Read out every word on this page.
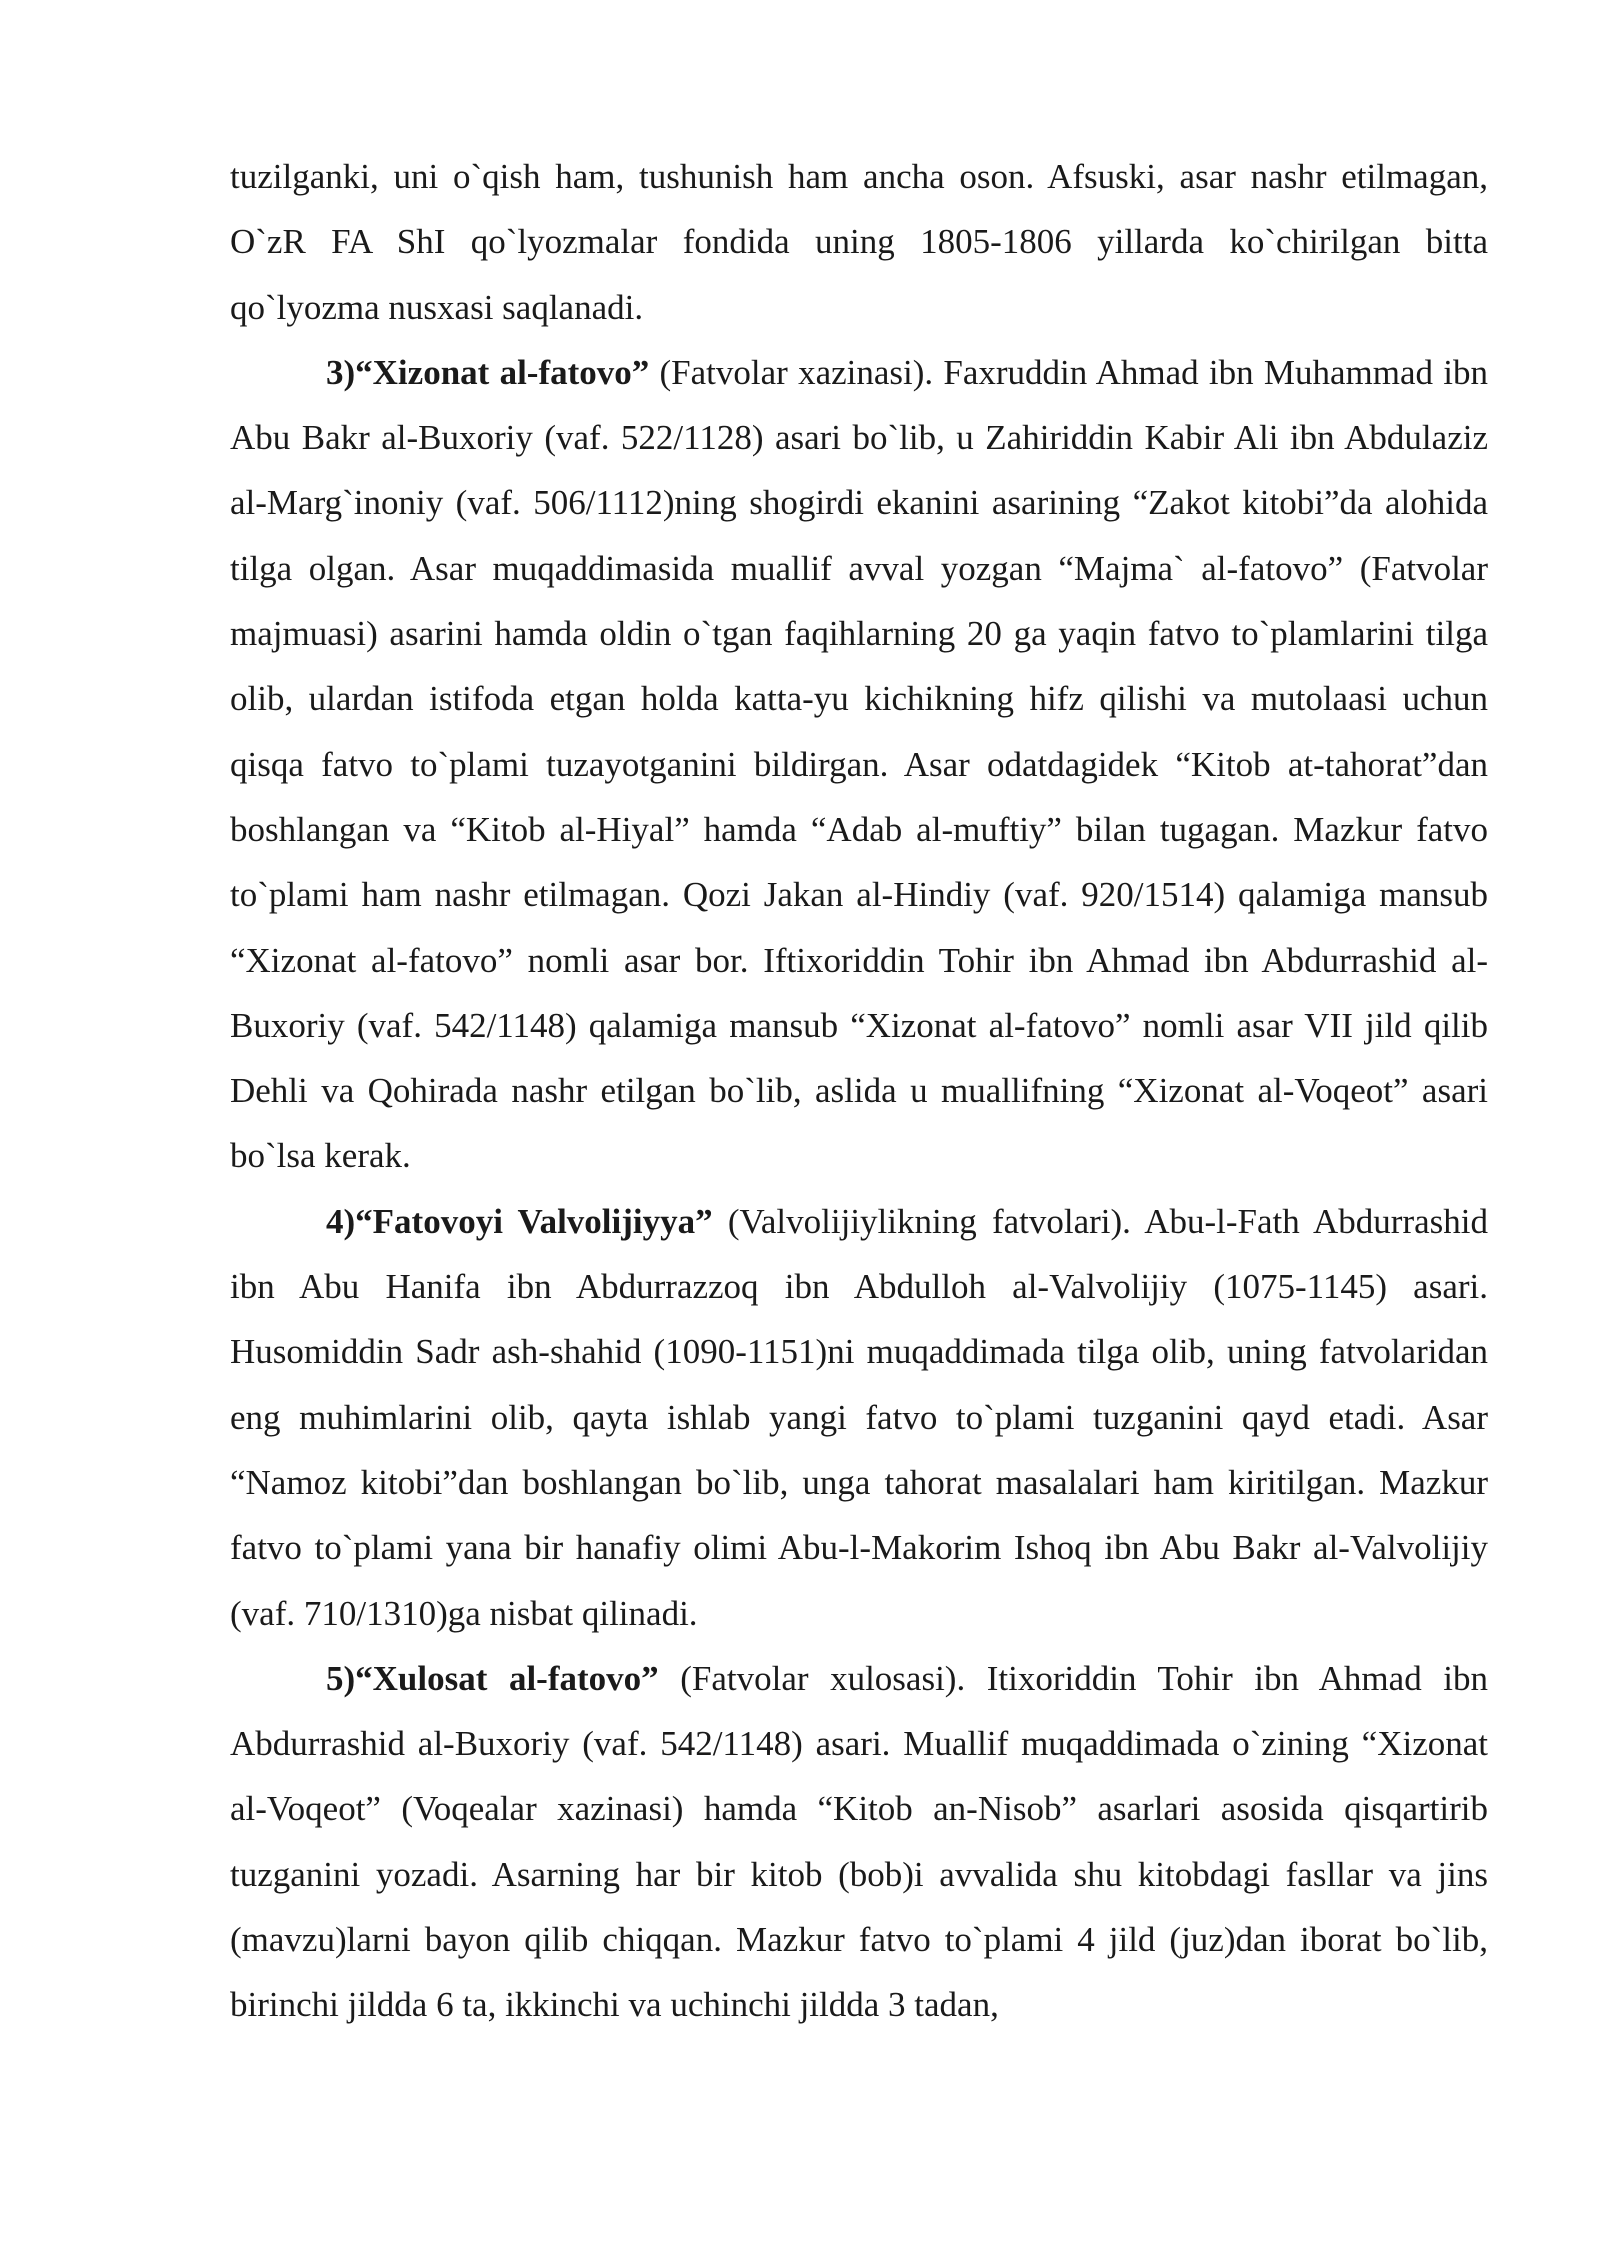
tuzilganki, uni o`qish ham, tushunish ham ancha oson. Afsuski, asar nashr etilmagan, O`zR FA ShI qo`lyozmalar fondida uning 1805-1806 yillarda ko`chirilgan bitta qo`lyozma nusxasi saqlanadi.

3)“Xizonat al-fatovo” (Fatvolar xazinasi). Faxruddin Ahmad ibn Muhammad ibn Abu Bakr al-Buxoriy (vaf. 522/1128) asari bo`lib, u Zahiriddin Kabir Ali ibn Abdulaziz al-Marg`inoniy (vaf. 506/1112)ning shogirdi ekanini asarining “Zakot kitobi”da alohida tilga olgan. Asar muqaddimasida muallif avval yozgan “Majma` al-fatovo” (Fatvolar majmuasi) asarini hamda oldin o`tgan faqihlarning 20 ga yaqin fatvo to`plamlarini tilga olib, ulardan istifoda etgan holda katta-yu kichikning hifz qilishi va mutolaasi uchun qisqa fatvo to`plami tuzayotganini bildirgan. Asar odatdagidek “Kitob at-tahorat”dan boshlangan va “Kitob al-Hiyal” hamda “Adab al-muftiy” bilan tugagan. Mazkur fatvo to`plami ham nashr etilmagan. Qozi Jakan al-Hindiy (vaf. 920/1514) qalamiga mansub “Xizonat al-fatovo” nomli asar bor. Iftixoriddin Tohir ibn Ahmad ibn Abdurrashid al-Buxoriy (vaf. 542/1148) qalamiga mansub “Xizonat al-fatovo” nomli asar VII jild qilib Dehli va Qohirada nashr etilgan bo`lib, aslida u muallifning “Xizonat al-Voqeot” asari bo`lsa kerak.

4)“Fatovoyi Valvolijiyya” (Valvolijiylikning fatvolari). Abu-l-Fath Abdurrashid ibn Abu Hanifa ibn Abdurrazzoq ibn Abdulloh al-Valvolijiy (1075-1145) asari. Husomiddin Sadr ash-shahid (1090-1151)ni muqaddimada tilga olib, uning fatvolaridan eng muhimlarini olib, qayta ishlab yangi fatvo to`plami tuzganini qayd etadi. Asar “Namoz kitobi”dan boshlangan bo`lib, unga tahorat masalalari ham kiritilgan. Mazkur fatvo to`plami yana bir hanafiy olimi Abu-l-Makorim Ishoq ibn Abu Bakr al-Valvolijiy (vaf. 710/1310)ga nisbat qilinadi.

5)“Xulosat al-fatovo” (Fatvolar xulosasi). Itixoriddin Tohir ibn Ahmad ibn Abdurrashid al-Buxoriy (vaf. 542/1148) asari. Muallif muqaddimada o`zining “Xizonat al-Voqeot” (Voqealar xazinasi) hamda “Kitob an-Nisob” asarlari asosida qisqartirib tuzganini yozadi. Asarning har bir kitob (bob)i avvalida shu kitobdagi fasllar va jins (mavzu)larni bayon qilib chiqqan. Mazkur fatvo to`plami 4 jild (juz)dan iborat bo`lib, birinchi jildda 6 ta, ikkinchi va uchinchi jildda 3 tadan,
